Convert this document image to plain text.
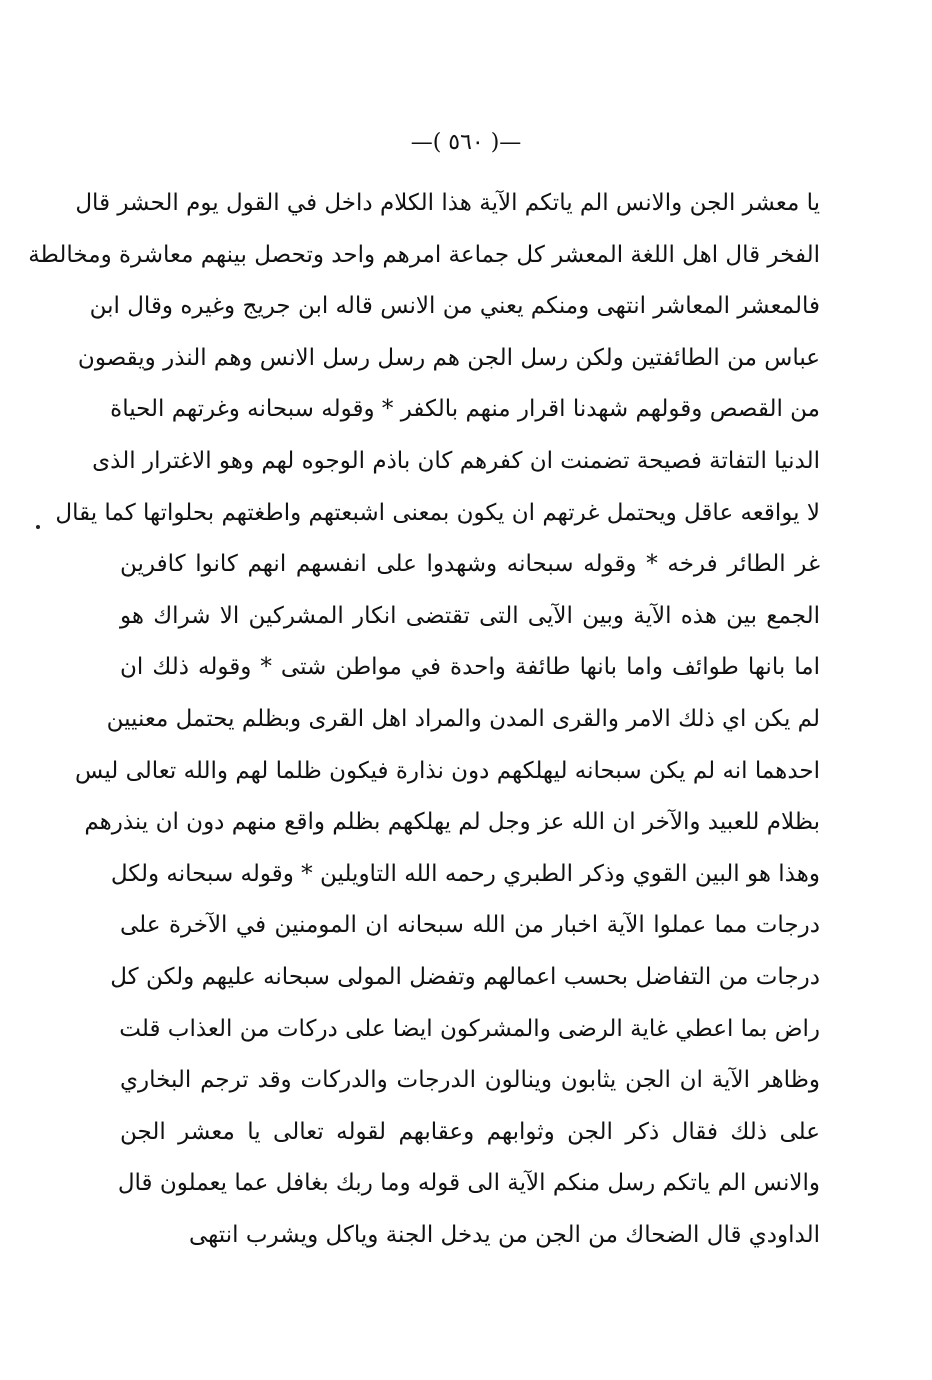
—( ٥٦٠ )—
يا معشر الجن والانس الم ياتكم الآية هذا الكلام داخل في القول يوم الحشر قال
الفخر قال اهل اللغة المعشر كل جماعة امرهم واحد وتحصل بينهم معاشرة ومخالطة
فالمعشر المعاشر انتهى ومنكم يعني من الانس قاله ابن جريج وغيره وقال ابن
عباس من الطائفتين ولكن رسل الجن هم رسل رسل الانس وهم النذر ويقصون
من القصص وقولهم شهدنا اقرار منهم بالكفر * وقوله سبحانه وغرتهم الحياة
الدنيا التفاتة فصيحة تضمنت ان كفرهم كان باذم الوجوه لهم وهو الاغترار الذى
لا يواقعه عاقل ويحتمل غرتهم ان يكون بمعنى اشبعتهم واطغتهم بحلواتها كما يقال
غر الطائر فرخه * وقوله سبحانه وشهدوا على انفسهم انهم كانوا كافرين
الجمع بين هذه الآية وبين الآيى التى تقتضى انكار المشركين الا شراك هو
اما بانها طوائف واما بانها طائفة واحدة في مواطن شتى * وقوله ذلك ان
لم يكن اي ذلك الامر والقرى المدن والمراد اهل القرى وبظلم يحتمل معنيين
احدهما انه لم يكن سبحانه ليهلكهم دون نذارة فيكون ظلما لهم والله تعالى ليس
بظلام للعبيد والآخر ان الله عز وجل لم يهلكهم بظلم واقع منهم دون ان ينذرهم
وهذا هو البين القوي وذكر الطبري رحمه الله التاويلين * وقوله سبحانه ولكل
درجات مما عملوا الآية اخبار من الله سبحانه ان المومنين في الآخرة على
درجات من التفاضل بحسب اعمالهم وتفضل المولى سبحانه عليهم ولكن كل
راض بما اعطي غاية الرضى والمشركون ايضا على دركات من العذاب قلت
وظاهر الآية ان الجن يثابون وينالون الدرجات والدركات وقد ترجم البخاري
على ذلك فقال ذكر الجن وثوابهم وعقابهم لقوله تعالى يا معشر الجن
والانس الم ياتكم رسل منكم الآية الى قوله وما ربك بغافل عما يعملون قال
الداودي قال الضحاك من الجن من يدخل الجنة وياكل ويشرب انتهى
